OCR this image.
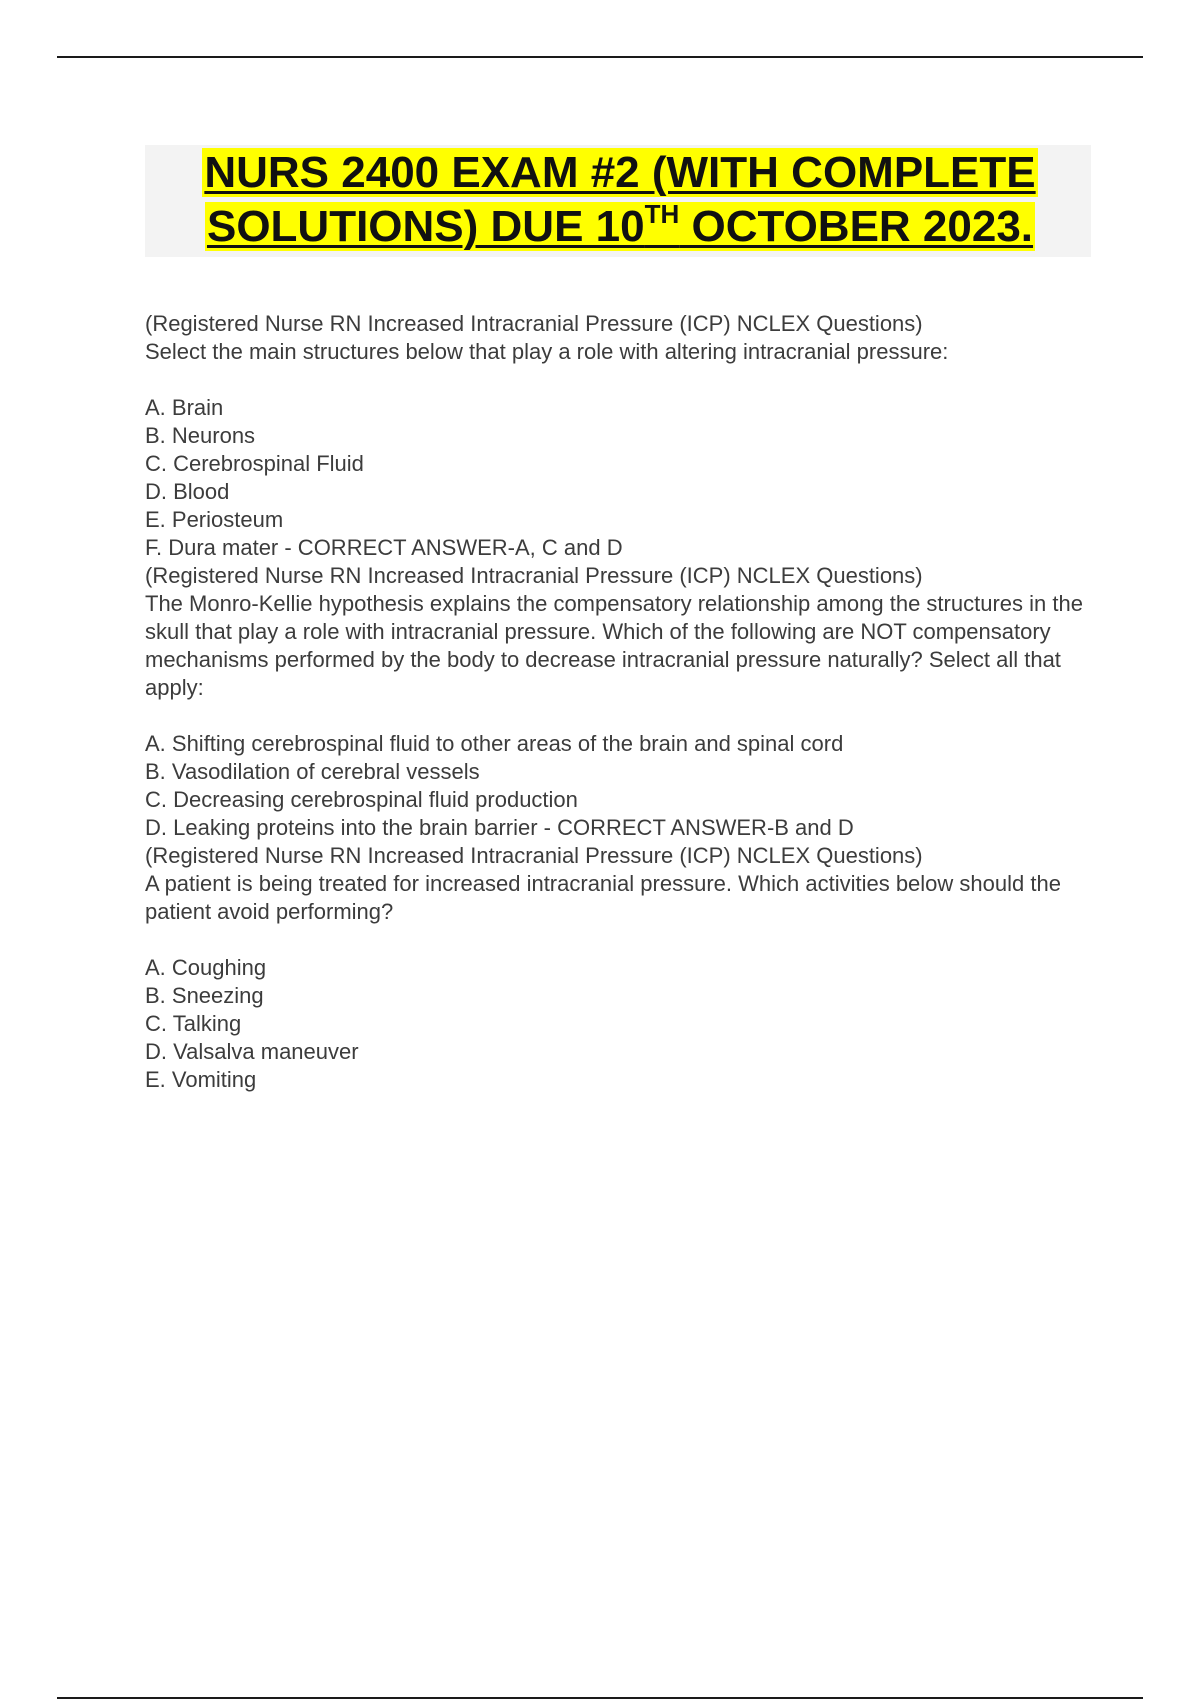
NURS 2400 EXAM #2 (WITH COMPLETE
SOLUTIONS) DUE 10TH OCTOBER 2023.
(Registered Nurse RN Increased Intracranial Pressure (ICP) NCLEX Questions)
Select the main structures below that play a role with altering intracranial pressure:

A. Brain

B. Neurons

C. Cerebrospinal Fluid

D. Blood

E. Periosteum

F. Dura mater - CORRECT ANSWER-A, C and D
(Registered Nurse RN Increased Intracranial Pressure (ICP) NCLEX Questions)
The Monro-Kellie hypothesis explains the compensatory relationship among the structures in the skull that play a role with intracranial pressure. Which of the following are NOT compensatory mechanisms performed by the body to decrease intracranial pressure naturally? Select all that apply:

A. Shifting cerebrospinal fluid to other areas of the brain and spinal cord

B. Vasodilation of cerebral vessels

C. Decreasing cerebrospinal fluid production

D. Leaking proteins into the brain barrier - CORRECT ANSWER-B and D
(Registered Nurse RN Increased Intracranial Pressure (ICP) NCLEX Questions)
A patient is being treated for increased intracranial pressure. Which activities below should the patient avoid performing?

A. Coughing

B. Sneezing

C. Talking

D. Valsalva maneuver

E. Vomiting
